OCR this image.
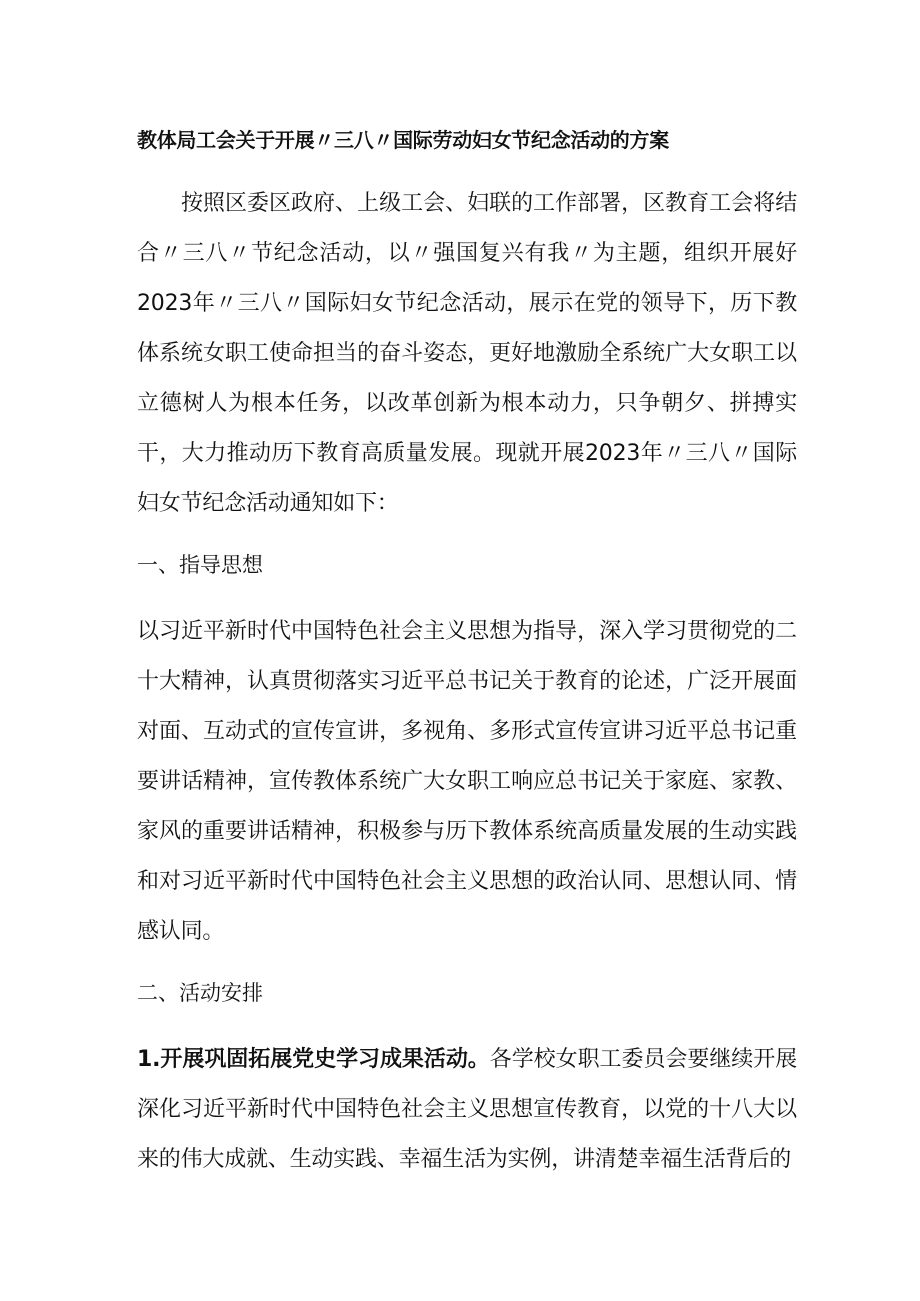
教体局工会关于开展〃三八〃国际劳动妇女节纪念活动的方案

按照区委区政府、上级工会、妇联的工作部署，区教育工会将结合〃三八〃节纪念活动，以〃强国复兴有我〃为主题，组织开展好2023年〃三八〃国际妇女节纪念活动，展示在党的领导下，历下教体系统女职工使命担当的奋斗姿态，更好地激励全系统广大女职工以立德树人为根本任务，以改革创新为根本动力，只争朝夕、拼搏实干，大力推动历下教育高质量发展。现就开展2023年〃三八〃国际妇女节纪念活动通知如下：

一、指导思想

以习近平新时代中国特色社会主义思想为指导，深入学习贯彻党的二十大精神，认真贯彻落实习近平总书记关于教育的论述，广泛开展面对面、互动式的宣传宣讲，多视角、多形式宣传宣讲习近平总书记重要讲话精神，宣传教体系统广大女职工响应总书记关于家庭、家教、家风的重要讲话精神，积极参与历下教体系统高质量发展的生动实践和对习近平新时代中国特色社会主义思想的政治认同、思想认同、情感认同。

二、活动安排

1.开展巩固拓展党史学习成果活动。各学校女职工委员会要继续开展深化习近平新时代中国特色社会主义思想宣传教育，以党的十八大以来的伟大成就、生动实践、幸福生活为实例，讲清楚幸福生活背后的
